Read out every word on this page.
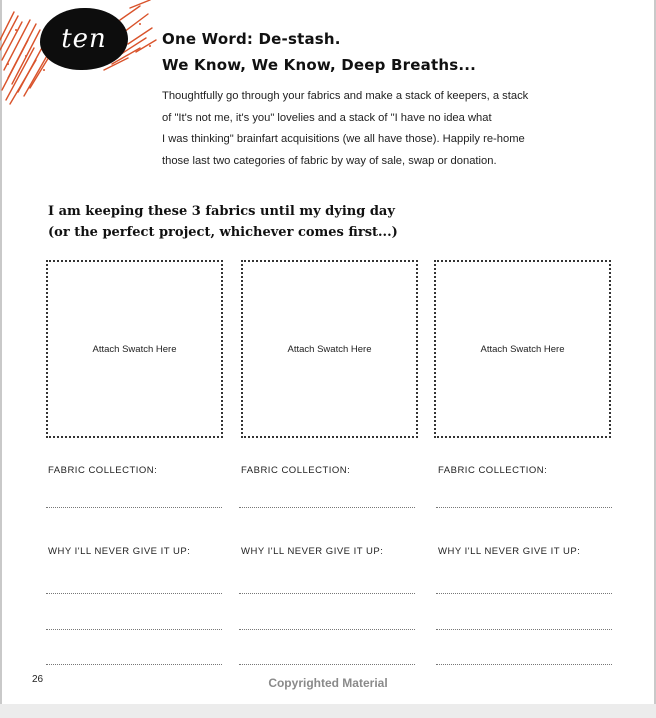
ten	One Word: De-stash.
We Know, We Know, Deep Breaths...
Thoughtfully go through your fabrics and make a stack of keepers, a stack
of "It's not me, it's you" lovelies and a stack of "I have no idea what
I was thinking" brainfart acquisitions (we all have those). Happily re-home
those last two categories of fabric by way of sale, swap or donation.
I am keeping these 3 fabrics until my dying day
(or the perfect project, whichever comes first...)
Attach Swatch Here
FABRIC COLLECTION:
WHY I'LL NEVER GIVE IT UP:
Attach Swatch Here
FABRIC COLLECTION:
WHY I'LL NEVER GIVE IT UP:
Attach Swatch Here
FABRIC COLLECTION:
WHY I'LL NEVER GIVE IT UP:
26	Copyrighted Material
